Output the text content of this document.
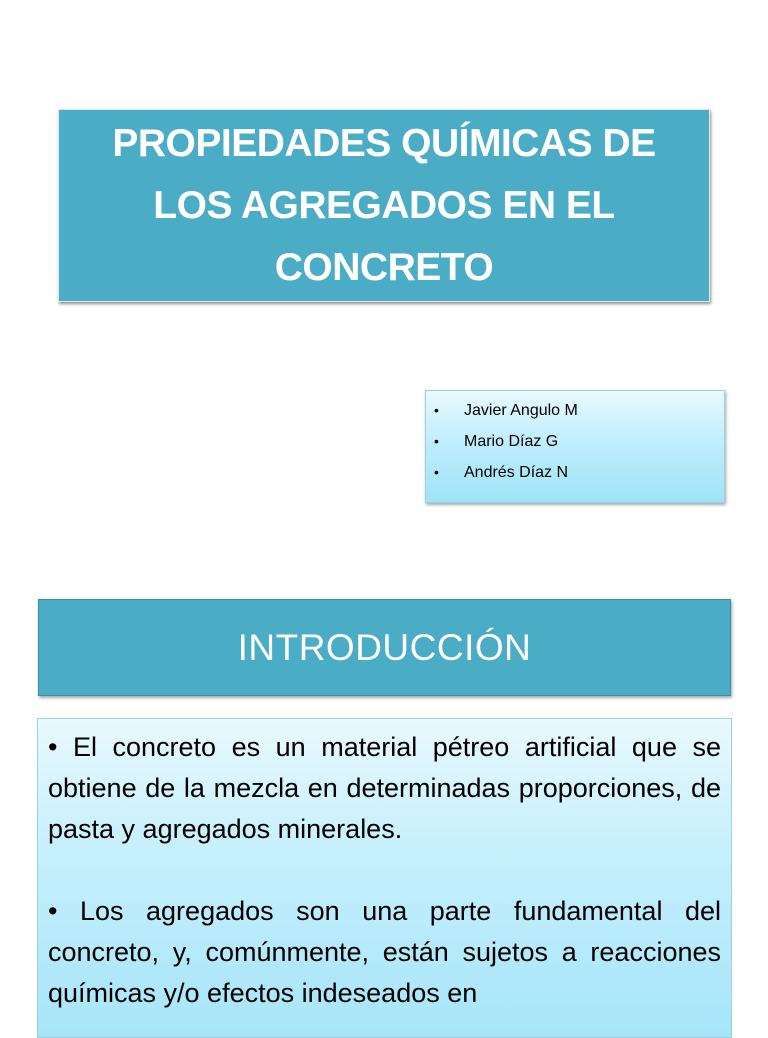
PROPIEDADES QUÍMICAS DE LOS AGREGADOS EN EL CONCRETO
•	Javier Angulo M
•	Mario Díaz G
•	Andrés Díaz N
INTRODUCCIÓN

• El concreto es un material pétreo artificial que se obtiene de la mezcla en determinadas proporciones, de pasta y agregados minerales.

• Los agregados son una parte fundamental del concreto, y, comúnmente, están sujetos a reacciones químicas y/o efectos indeseados en
